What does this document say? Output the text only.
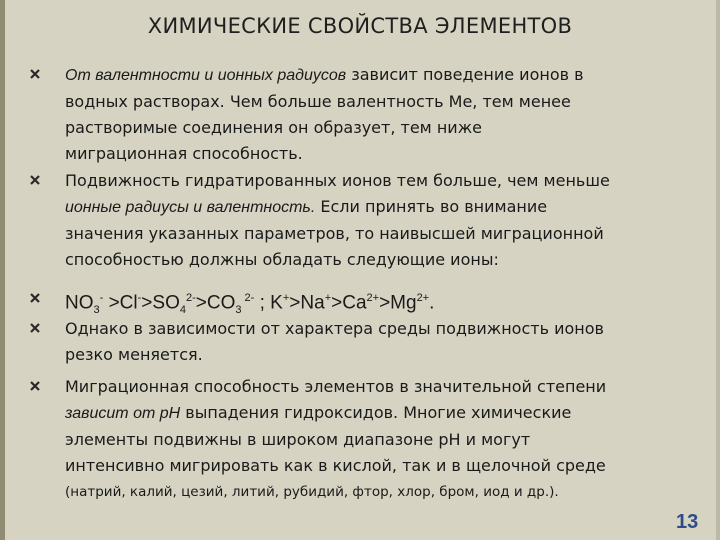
ХИМИЧЕСКИЕ СВОЙСТВА ЭЛЕМЕНТОВ
От валентности и ионных радиусов зависит поведение ионов в
водных растворах. Чем больше валентность Ме, тем менее
растворимые соединения он образует, тем ниже
миграционная способность.
Подвижность гидратированных ионов тем больше, чем меньше
ионные радиусы и валентность. Если принять во внимание
значения указанных параметров, то наивысшей миграционной
способностью должны обладать следующие ионы:
$NO_3^- >Cl^->SO_4^{2-}>CO_3$ $^{2-}$ ; $K^+>Na^+>Ca^{2+}>Mg^{2+}$.
Однако в зависимости от характера среды подвижность ионов
резко меняется.
Миграционная способность элементов в значительной степени
зависит от рН выпадения гидроксидов. Многие химические
элементы подвижны в широком диапазоне рН и могут
интенсивно мигрировать как в кислой, так и в щелочной среде
(натрий, калий, цезий, литий, рубидий, фтор, хлор, бром, иод и др.).
13
